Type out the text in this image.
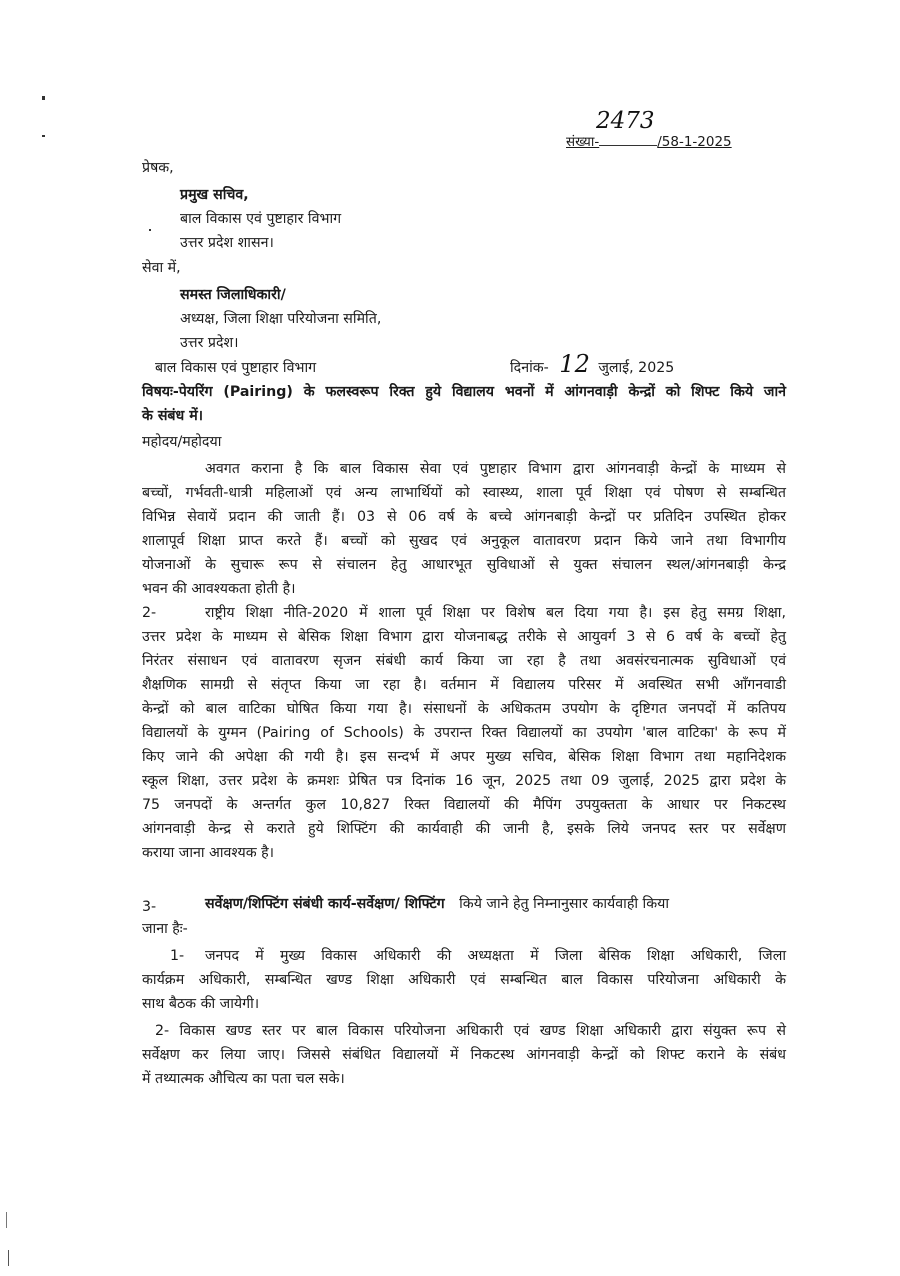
2473
संख्या-	/58-1-2025
प्रेषक,
प्रमुख सचिव,
बाल विकास एवं पुष्टाहार विभाग
उत्तर प्रदेश शासन।
सेवा में,
समस्त जिलाधिकारी/
अध्यक्ष, जिला शिक्षा परियोजना समिति,
उत्तर प्रदेश।
बाल विकास एवं पुष्टाहार विभाग	दिनांक- 12 जुलाई, 2025
विषयः-पेयरिंग (Pairing) के फलस्वरूप रिक्त हुये विद्यालय भवनों में आंगनवाड़ी केन्द्रों को शिफ्ट किये जाने
के संबंध में।
महोदय/महोदया
अवगत कराना है कि बाल विकास सेवा एवं पुष्टाहार विभाग द्वारा आंगनवाड़ी केन्द्रों के माध्यम से
बच्चों, गर्भवती-धात्री महिलाओं एवं अन्य लाभार्थियों को स्वास्थ्य, शाला पूर्व शिक्षा एवं पोषण से सम्बन्धित
विभिन्न सेवायें प्रदान की जाती हैं। 03 से 06 वर्ष के बच्चे आंगनबाड़ी केन्द्रों पर प्रतिदिन उपस्थित होकर
शालापूर्व शिक्षा प्राप्त करते हैं। बच्चों को सुखद एवं अनुकूल वातावरण प्रदान किये जाने तथा विभागीय
योजनाओं के सुचारू रूप से संचालन हेतु आधारभूत सुविधाओं से युक्त संचालन स्थल/आंगनबाड़ी केन्द्र
भवन की आवश्यकता होती है।
2-	राष्ट्रीय शिक्षा नीति-2020 में शाला पूर्व शिक्षा पर विशेष बल दिया गया है। इस हेतु समग्र शिक्षा,
उत्तर प्रदेश के माध्यम से बेसिक शिक्षा विभाग द्वारा योजनाबद्ध तरीके से आयुवर्ग 3 से 6 वर्ष के बच्चों हेतु
निरंतर संसाधन एवं वातावरण सृजन संबंधी कार्य किया जा रहा है तथा अवसंरचनात्मक सुविधाओं एवं
शैक्षणिक सामग्री से संतृप्त किया जा रहा है। वर्तमान में विद्यालय परिसर में अवस्थित सभी आँगनवाडी
केन्द्रों को बाल वाटिका घोषित किया गया है। संसाधनों के अधिकतम उपयोग के दृष्टिगत जनपदों में कतिपय
विद्यालयों के युग्मन (Pairing of Schools) के उपरान्त रिक्त विद्यालयों का उपयोग 'बाल वाटिका' के रूप में
किए जाने की अपेक्षा की गयी है। इस सन्दर्भ में अपर मुख्य सचिव, बेसिक शिक्षा विभाग तथा महानिदेशक
स्कूल शिक्षा, उत्तर प्रदेश के क्रमशः प्रेषित पत्र दिनांक 16 जून, 2025 तथा 09 जुलाई, 2025 द्वारा प्रदेश के
75 जनपदों के अन्तर्गत कुल 10,827 रिक्त विद्यालयों की मैपिंग उपयुक्तता के आधार पर निकटस्थ
आंगनवाड़ी केन्द्र से कराते हुये शिफ्टिंग की कार्यवाही की जानी है, इसके लिये जनपद स्तर पर सर्वेक्षण
कराया जाना आवश्यक है।
3-	सर्वेक्षण/शिफ्टिंग संबंधी कार्य-सर्वेक्षण/ शिफ्टिंग किये जाने हेतु निम्नानुसार कार्यवाही किया
जाना हैः-
1- जनपद में मुख्य विकास अधिकारी की अध्यक्षता में जिला बेसिक शिक्षा अधिकारी, जिला
कार्यक्रम अधिकारी, सम्बन्धित खण्ड शिक्षा अधिकारी एवं सम्बन्धित बाल विकास परियोजना अधिकारी के
साथ बैठक की जायेगी।
2- विकास खण्ड स्तर पर बाल विकास परियोजना अधिकारी एवं खण्ड शिक्षा अधिकारी द्वारा संयुक्त रूप से
सर्वेक्षण कर लिया जाए। जिससे संबंधित विद्यालयों में निकटस्थ आंगनवाड़ी केन्द्रों को शिफ्ट कराने के संबंध
में तथ्यात्मक औचित्य का पता चल सके।
